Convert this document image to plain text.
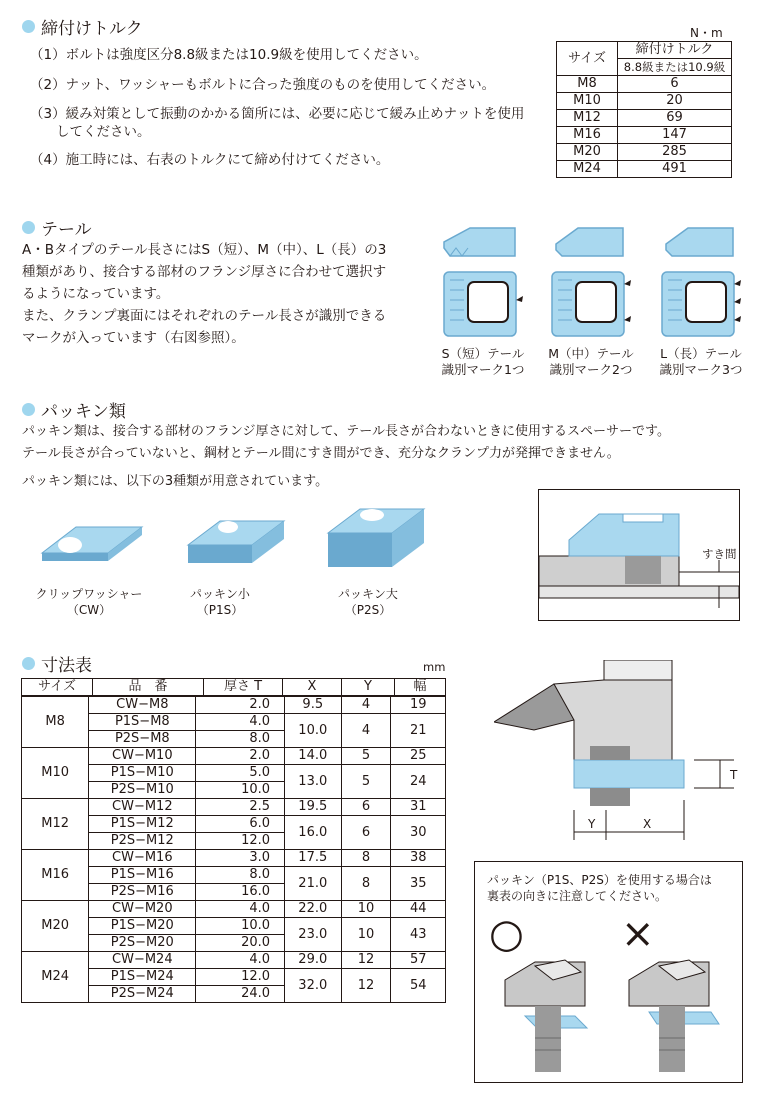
締付けトルク
（1）ボルトは強度区分8.8級または10.9級を使用してください。
（2）ナット、ワッシャーもボルトに合った強度のものを使用してください。
（3）緩み対策として振動のかかる箇所には、必要に応じて緩み止めナットを使用
してください。
（4）施工時には、右表のトルクにて締め付けてください。
N・m
サイズ	締付けトルク
	8.8級または10.9級
M8	6
M10	20
M12	69
M16	147
M20	285
M24	491
テール
A・Bタイプのテール長さにはS（短）、M（中）、L（長）の3
種類があり、接合する部材のフランジ厚さに合わせて選択す
るようになっています。
また、クランプ裏面にはそれぞれのテール長さが識別できる
マークが入っています（右図参照）。
S（短）テール
識別マーク1つ
M（中）テール
識別マーク2つ
L（長）テール
識別マーク3つ
パッキン類
パッキン類は、接合する部材のフランジ厚さに対して、テール長さが合わないときに使用するスペーサーです。
テール長さが合っていないと、鋼材とテール間にすき間ができ、充分なクランプ力が発揮できません。
パッキン類には、以下の3種類が用意されています。
クリップワッシャー
（CW）
パッキン小
（P1S）
パッキン大
（P2S）
すき間
寸法表	mm
サイズ	品　番	厚さ T	X	Y	幅
M8	CW−M8	2.0	9.5	4	19
	P1S−M8	4.0	10.0	4	21
	P2S−M8	8.0			
M10	CW−M10	2.0	14.0	5	25
	P1S−M10	5.0	13.0	5	24
	P2S−M10	10.0			
M12	CW−M12	2.5	19.5	6	31
	P1S−M12	6.0	16.0	6	30
	P2S−M12	12.0			
M16	CW−M16	3.0	17.5	8	38
	P1S−M16	8.0	21.0	8	35
	P2S−M16	16.0			
M20	CW−M20	4.0	22.0	10	44
	P1S−M20	10.0	23.0	10	43
	P2S−M20	20.0			
M24	CW−M24	4.0	29.0	12	57
	P1S−M24	12.0	32.0	12	54
	P2S−M24	24.0			
T
Y	X
パッキン（P1S、P2S）を使用する場合は
裏表の向きに注意してください。
○ ×
